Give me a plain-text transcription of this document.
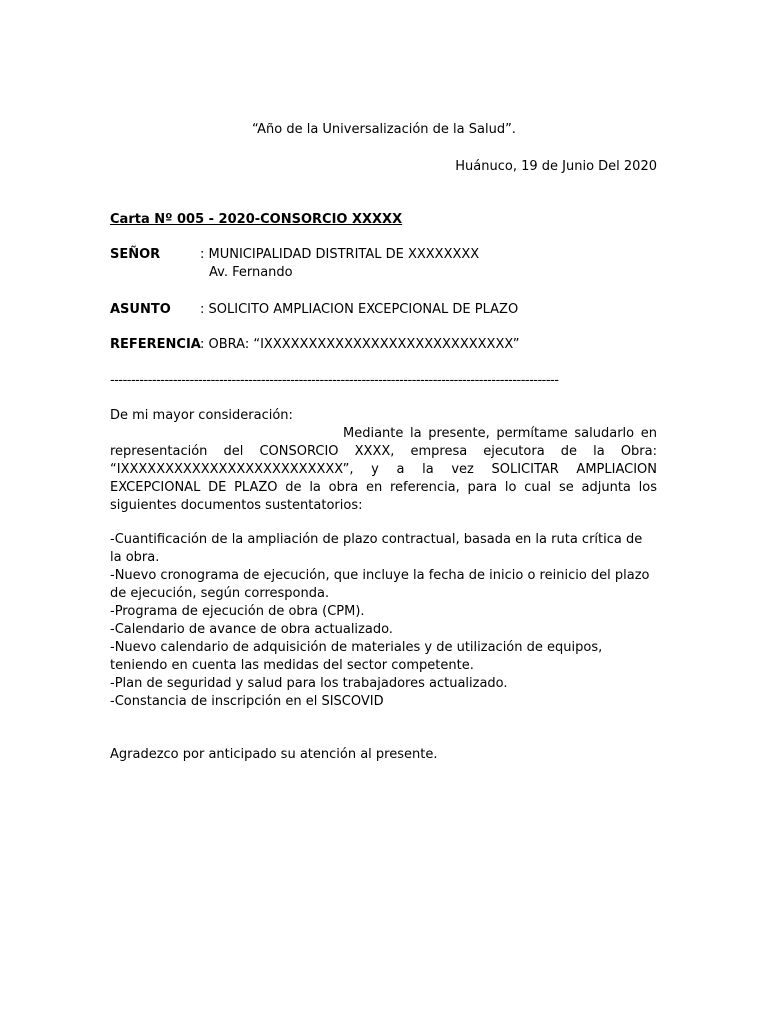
“Año de la Universalización de la Salud”.
Huánuco, 19 de Junio Del 2020
Carta Nº 005 - 2020-CONSORCIO XXXXX
SEÑOR	: MUNICIPALIDAD DISTRITAL DE XXXXXXXX
Av. Fernando
ASUNTO : SOLICITO AMPLIACION EXCEPCIONAL DE PLAZO
REFERENCIA : OBRA: “IXXXXXXXXXXXXXXXXXXXXXXXXXXXX”
-----------------------------------------------------------------------------------------------------------
De mi mayor consideración:
Mediante la presente, permítame saludarlo en representación del CONSORCIO XXXX, empresa ejecutora de la Obra: “IXXXXXXXXXXXXXXXXXXXXXXXXX”, y a la vez SOLICITAR AMPLIACION EXCEPCIONAL DE PLAZO de la obra en referencia, para lo cual se adjunta los siguientes documentos sustentatorios:
-Cuantificación de la ampliación de plazo contractual, basada en la ruta crítica de la obra.
-Nuevo cronograma de ejecución, que incluye la fecha de inicio o reinicio del plazo de ejecución, según corresponda.
-Programa de ejecución de obra (CPM).
-Calendario de avance de obra actualizado.
-Nuevo calendario de adquisición de materiales y de utilización de equipos, teniendo en cuenta las medidas del sector competente.
-Plan de seguridad y salud para los trabajadores actualizado.
-Constancia de inscripción en el SISCOVID
Agradezco por anticipado su atención al presente.
